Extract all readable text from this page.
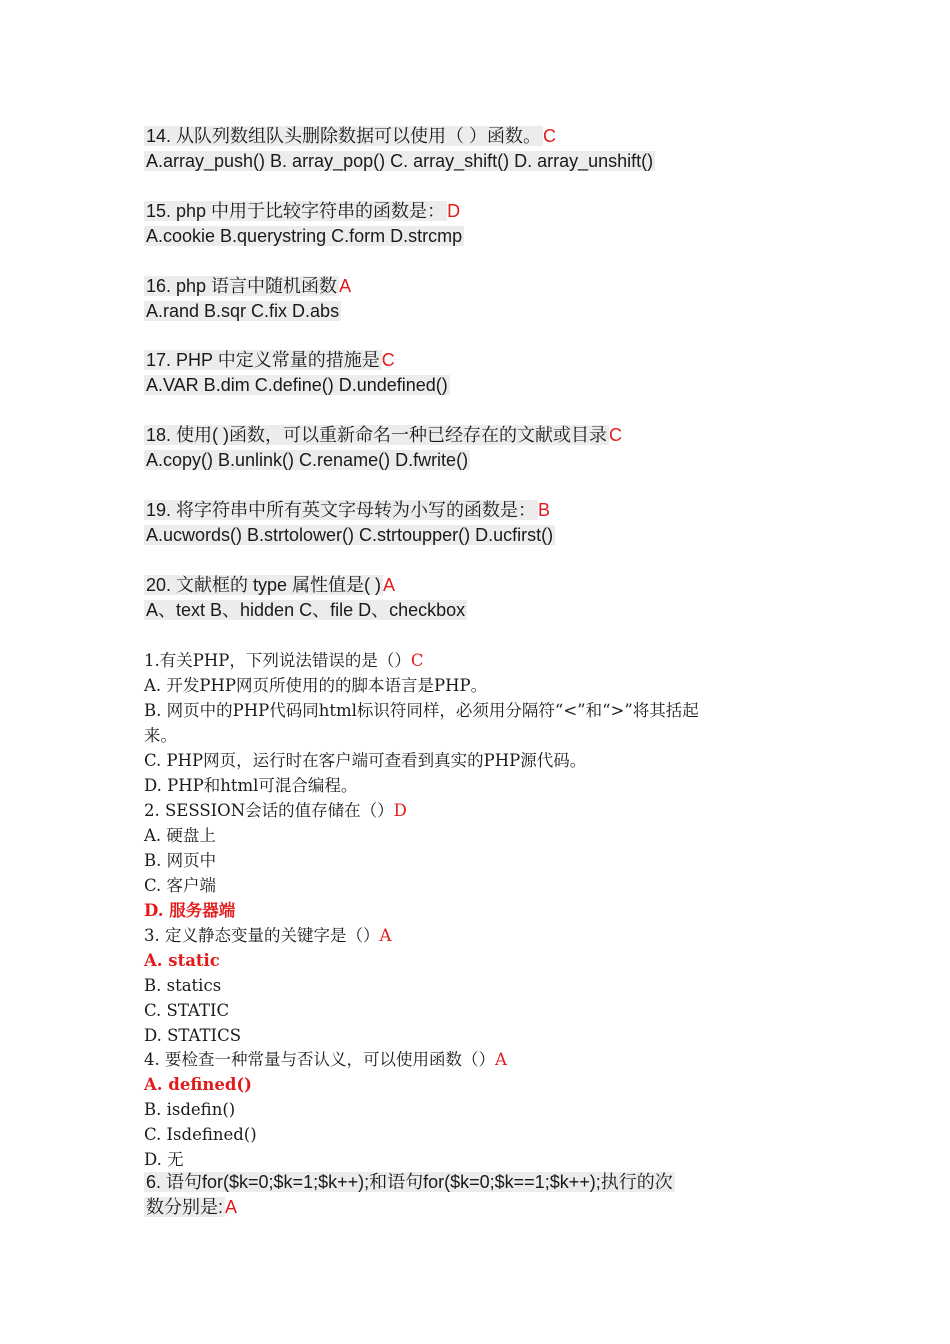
14. 从队列数组队头删除数据可以使用（ ）函数。 C
A.array_push() B. array_pop() C. array_shift() D. array_unshift()
15. php 中用于比较字符串的函数是： D
A.cookie B.querystring C.form D.strcmp
16. php 语言中随机函数 A
A.rand B.sqr C.fix D.abs
17. PHP 中定义常量的措施是 C
A.VAR B.dim C.define() D.undefined()
18. 使用( )函数，可以重新命名一种已经存在的文献或目录 C
A.copy() B.unlink() C.rename() D.fwrite()
19. 将字符串中所有英文字母转为小写的函数是： B
A.ucwords() B.strtolower() C.strtoupper() D.ucfirst()
20. 文献框的 type 属性值是( ) A
A、text B、hidden C、file D、checkbox
1.有关PHP，下列说法错误的是（）C
A. 开发PHP网页所使用的的脚本语言是PHP。
B. 网页中的PHP代码同html标识符同样，必须用分隔符“<”和“>”将其括起
来。
C. PHP网页，运行时在客户端可查看到真实的PHP源代码。
D. PHP和html可混合编程。
2. SESSION会话的值存储在（）D
A. 硬盘上
B. 网页中
C. 客户端
D. 服务器端
3. 定义静态变量的关键字是（）A
A. static
B. statics
C. STATIC
D. STATICS
4. 要检查一种常量与否认义，可以使用函数（）A
A. defined()
B. isdefin()
C. Isdefined()
D. 无
6. 语句for($k=0;$k=1;$k++);和语句for($k=0;$k==1;$k++);执行的次
数分别是: A
